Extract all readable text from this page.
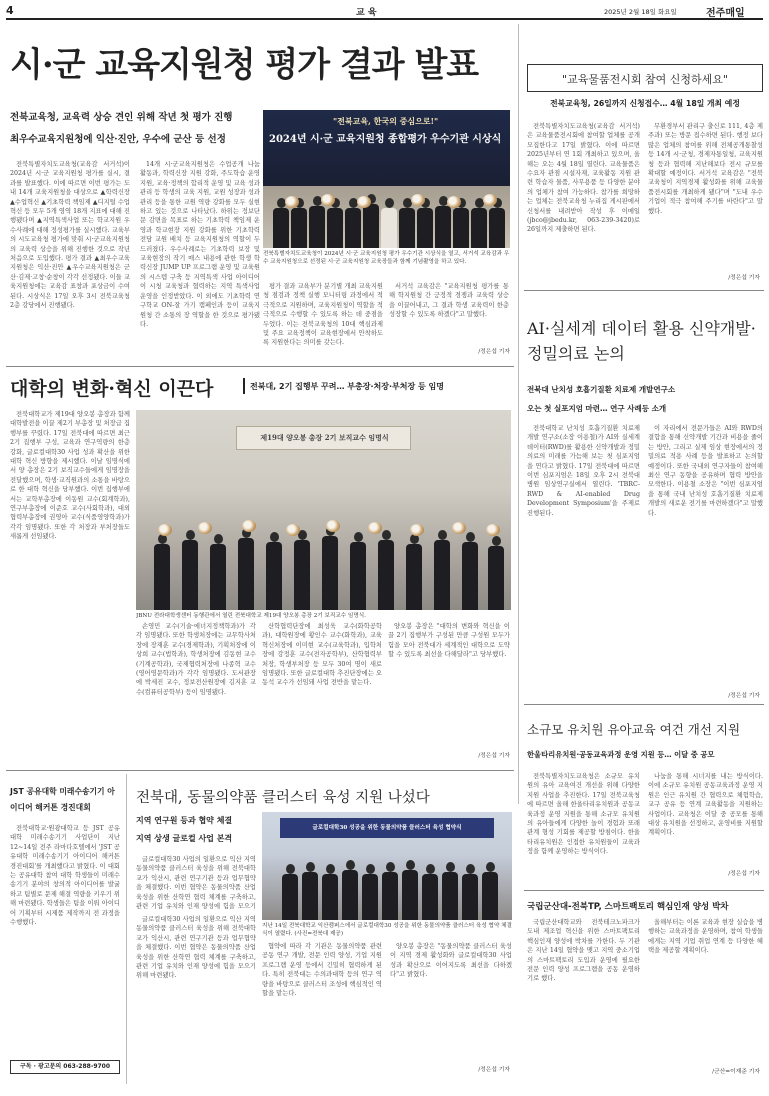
4	교 육	2025년 2월 18일 화요일	전주매일
시·군 교육지원청 평가 결과 발표
전북교육청, 교육력 상승 견인 위해 작년 첫 평가 진행
최우수교육지원청에 익산·진안, 우수에 군산 등 선정

전북특별자치도교육청(교육감 서거석)이 2024년 시·군 교육지원청 평가를 실시, 결과를 발표했다. 이에 따르면 이번 평가는 도내 14개 교육지원청을 대상으로 ▲학력신장 ▲수업혁신 ▲기초학력 책임제 ▲디지털 수업혁신 등 모두 5개 영역 18개 지표에 대해 진행됐다며 ▲지역특색사업 또는 학교지원 우수사례에 대해 정성평가를 실시했다. 교육부의 시도교육청 평가에 맞춰 시·군교육지원청의 교육력 상승을 위해 진행한 것으로 작년 처음으로 도입했다. 평가 결과 ▲최우수교육지원청은 익산·진안 ▲우수교육지원청은 군산·김제·고창·순창이 각각 선정됐다. 이들 교육지원청에는 교육감 표창과 포상금이 수여된다. 시상식은 17일 오후 3시 전북교육청 2층 강당에서 진행됐다.

14개 시·군교육지원청은 수업공개 나눔 활동과, 학력신장 지원 강화, 주도학습 운영 지원, 교육·정책의 합리적 운영 및 교육 성과 관리 등 학생의 교육 지원, 교원 성장과 성과 관리 등을 통한 교원 역량 강화를 모두 실현하고 있는 것으로 나타났다. 하위는 정보단문 감면을 목표로 하는 기초학력 책임제 운영과 학교현장 지원 강화를 위한 기초학력 전담 교원 배치 등 교육지원청의 역할이 두드러졌다. 우수사례로는 기초학력 보장 및 교육현장의 작기 매스 내용에 관한 학생 학력신장 JUMP UP 프로그램 운영 및 교육원의 시스템 구축 등 지역특색 사업 아이디어 이 시청 교육청과 협력하는 지역 특색사업 운영을 인정받았다. 이 외에도 기초학력 연구학교 ON-잘 가기 캠페인과 등이 교육지원청 간 소통의 장 역할을 한 것으로 평가됐다.

"전북교육, 한국의 중심으로!"
2024년 시·군 교육지원청 종합평가 우수기관 시상식
전북특별자치도교육청이 2024년 시·군 교육지원청 평가 우수기관 시상식을 열고, 서거석 교육감과 우수 교육지원청으로 선정된 시·군 교육지원청 교육장들과 함께 기념촬영을 하고 있다.

평가 결과 교육부가 분기별 개최 교육지원청 점검과 정책 실행 모니터링 과정에서 적극적으로 지원하며, 교육지원청이 역할을 적극적으로 수행할 수 있도록 하는 데 중점을 두었다. 이는 전북교육청의 10대 핵심과제 및 주요 교육정책이 교육현장에서 안착하도록 지원한다는 의미를 갖는다.

서거석 교육감은 "교육지원청 평가를 통해 학지원청 간 긍정적 경쟁과 교육력 상승을 이끌어내고, 그 결과 학생 교육력이 한층 성장할 수 있도록 하겠다"고 말했다.

/정은섭 기자
"교육물품전시회 참여 신청하세요"
전북교육청, 26일까지 신청접수… 4월 18일 개최 예정

전북특별자치도교육청(교육감 서거석)은 교육물품전시회에 참여할 업체를 공개 모집한다고 17일 밝혔다. 이에 따르면 2025년부터 연 1회 개최하고 있으며, 올해는 오는 4월 18일 열린다. 교육물품은 수요자 관점 시설자재, 교육활동 지원 관련 학습자 물품, 사무용품 등 다양한 분야의 업체가 참여 가능하다. 참가를 희망하는 업체는 전북교육청 누리집 게시판에서 신청서를 내려받아 작성 후 이메일(jbco@jbedu.kr, 063-239-3420)로 26일까지 제출하면 된다.

무환경부서 관리구 출신로 111, 4층 제주과) 또는 방문 접수하면 된다. 행정 보다 많은 업체의 참여를 위해 전체공개통찰성등 14개 시·군청, 경제자통일청, 교육지원청 등과 협력해 지난해보다 전시 규모를 확대할 예정이다. 서거석 교육감은 "전북교육청이 지역경제 활성화를 위해 교육물품전시회를 개최하게 됐다"며 "도내 우수 기업이 적극 참여해 주기를 바란다"고 말했다.

/정은섭 기자
대학의 변화·혁신 이끈다	전북대, 2기 집행부 꾸려… 부총장·처장·부처장 등 임명

전북대학교가 제19대 양오봉 총장과 함께 대학발전을 이끌 제2기 부총장 및 처장급 집행부를 꾸렸다. 17일 전북대에 따르면 최근 2기 집행부 구성, 교육과 연구역량의 한층 강화, 글로컬대학30 사업 성과 확산을 위한 대학 혁신 방향을 제시했다. 이날 임명식에서 양 총장은 2기 보직교수들에게 임명장을 전달했으며, 학생·교직원과의 소통을 바탕으로 한 대학 혁신을 당부했다. 이번 집행부에서는 교학부총장에 이동원 교수(회계학과), 연구부총장에 이준호 교수(사회학과), 대외협력부총장에 권영아 교수(식품영양학과)가 각각 임명됐다. 또한 각 처장과 부처장들도 새롭게 선임됐다.

제19대 양오봉 총장 2기 보직교수 임명식
JBNU 전라대학생센터 동행관에서 열린 전북대학교 제19대 양오봉 총장 2기 보직교수 임명식.

손영민 교수(기술·에너지정책학과)가 각각 임명됐다. 또한 학생처장에는 교무학사처장에 장재훈 교수(경제학과), 기획처장에 이상희 교수(법학과), 학생처장에 김동현 교수(기계공학과), 국제협력처장에 나종혁 교수(영어영문학과)가 각각 임명됐다. 도서관장에 박세진 교수, 정보전산원장에 김지훈 교수(컴퓨터공학부) 등이 임명됐다.

산학협력단장에 최성욱 교수(화학공학과), 대학원장에 황인수 교수(화학과), 교육혁신처장에 이미현 교수(교육학과), 입학처장에 강정훈 교수(전자공학부), 산학협력부처장, 학생부처장 등 모두 30여 명이 새로 임명됐다. 또한 글로컬대학 추진단장에는 오동석 교수가 선임돼 사업 전반을 맡는다.

양오봉 총장은 "대학의 변화와 혁신을 이끌 2기 집행부가 구성된 만큼 구성원 모두가 힘을 모아 전북대가 세계적인 대학으로 도약할 수 있도록 최선을 다해달라"고 당부했다.

/정은섭 기자
AI·실세계 데이터 활용 신약개발·정밀의료 논의
전북대 난치성 호흡기질환 치료제 개발연구소
오는 첫 실포지엄 마련… 연구 사례등 소개

전북대학교 난치성 호흡기질환 치료제 개발 연구소(소장 이용철)가 AI와 실세계 데이터(RWD)를 활용한 신약개발과 정밀의료의 미래를 가늠해 보는 첫 심포지엄을 연다고 밝혔다. 17일 전북대에 따르면 이번 심포지엄은 18일 오후 2시 전북대병원 임상연구실에서 열린다. 'TBRC-RWD & AI-enabled Drug Development Symposium'을 주제로 진행된다.

이 자리에서 전문가들은 AI와 RWD의 결합을 통해 신약개발 기간과 비용을 줄이는 방안, 그리고 실제 임상 현장에서의 정밀의료 적용 사례 등을 발표하고 논의할 예정이다. 또한 국내외 연구자들이 참여해 최신 연구 동향을 공유하며 협력 방안을 모색한다. 이용철 소장은 "이번 심포지엄을 통해 국내 난치성 호흡기질환 치료제 개발의 새로운 전기를 마련하겠다"고 말했다.

/정은섭 기자
소규모 유치원 유아교육 여건 개선 지원
한울타리유치원·공동교육과정 운영 지원 등… 이달 중 공모

전북특별자치도교육청은 소규모 유치원의 유아 교육여건 개선을 위해 다양한 지원 사업을 추진한다. 17일 전북교육청에 따르면 올해 한울타리유치원과 공동교육과정 운영 지원을 통해 소규모 유치원의 유아들에게 다양한 놀이 경험과 또래 관계 형성 기회를 제공할 방침이다. 한울타리유치원은 인접한 유치원들이 교육과정을 함께 운영하는 방식이다.

나눔을 통해 시너지를 내는 방식이다. 이에 소규모 유치원 공동교육과정 운영 지원은 인근 유치원 간 협력으로 체험학습, 교구 공유 등 연계 교육활동을 지원하는 사업이다. 교육청은 이달 중 공모를 통해 대상 유치원을 선정하고, 운영비를 지원할 계획이다.

/정은섭 기자
JST 공유대학 미래수송기기 아이디어 해커톤 경진대회

전북대학교·원광대학교 등 JST 공유대학 미래수송기기 사업단이 지난 12~14일 전주 라마다호텔에서 'JST 공유대학 미래수송기기 아이디어 해커톤 경진대회'를 개최했다고 밝혔다. 이 대회는 공유대학 참여 대학 학생들이 미래수송기기 분야의 창의적 아이디어를 발굴하고 팀별로 문제 해결 역량을 키우기 위해 마련됐다. 학생들은 팀을 이뤄 아이디어 기획부터 시제품 제작까지 전 과정을 수행했다.

구독 · 광고문의 063-288-9700
전북대, 동물의약품 클러스터 육성 지원 나섰다
지역 연구원 등과 협약 체결
지역 상생 글로컬 사업 본격

글로컬대학30 사업의 일환으로 익산 지역 동물의약품 클러스터 육성을 위해 전북대학교가 익산시, 관련 연구기관 등과 업무협약을 체결했다. 이번 협약은 동물의약품 산업 육성을 위한 산학연 협력 체계를 구축하고, 관련 기업 유치와 인재 양성에 힘을 모으기

글로컬대학30 성공을 위한 동물의약품 클러스터 육성 협약식
지난 14일 전북대학교 익산캠퍼스에서 글로컬대학30 성공을 위한 동물의약품 클러스터 육성 협약 체결식이 열렸다. (사진=전북대 제공)

글로컬대학30 사업의 일환으로 익산 지역 동물의약품 클러스터 육성을 위해 전북대학교가 익산시, 관련 연구기관 등과 업무협약을 체결했다. 이번 협약은 동물의약품 산업 육성을 위한 산학연 협력 체계를 구축하고, 관련 기업 유치와 인재 양성에 힘을 모으기 위해 마련됐다.

협약에 따라 각 기관은 동물의약품 관련 공동 연구 개발, 전문 인력 양성, 기업 지원 프로그램 운영 등에서 긴밀히 협력하게 된다. 특히 전북대는 수의과대학 등의 연구 역량을 바탕으로 클러스터 조성에 핵심적인 역할을 맡는다.

양오봉 총장은 "동물의약품 클러스터 육성이 지역 경제 활성화와 글로컬대학30 사업 성과 확산으로 이어지도록 최선을 다하겠다"고 밝혔다.

/정은섭 기자
국립군산대-전북TP, 스마트팩토리 핵심인재 양성 박차

국립군산대학교와 전북테크노파크가 도내 제조업 혁신을 위한 스마트팩토리 핵심인재 양성에 박차를 가한다. 두 기관은 지난 14일 협약을 맺고 지역 중소기업의 스마트팩토리 도입과 운영에 필요한 전문 인력 양성 프로그램을 공동 운영하기로 했다.

올해부터는 이론 교육과 현장 실습을 병행하는 교육과정을 운영하며, 참여 학생들에게는 지역 기업 취업 연계 등 다양한 혜택을 제공할 계획이다.

/군산=이재준 기자
